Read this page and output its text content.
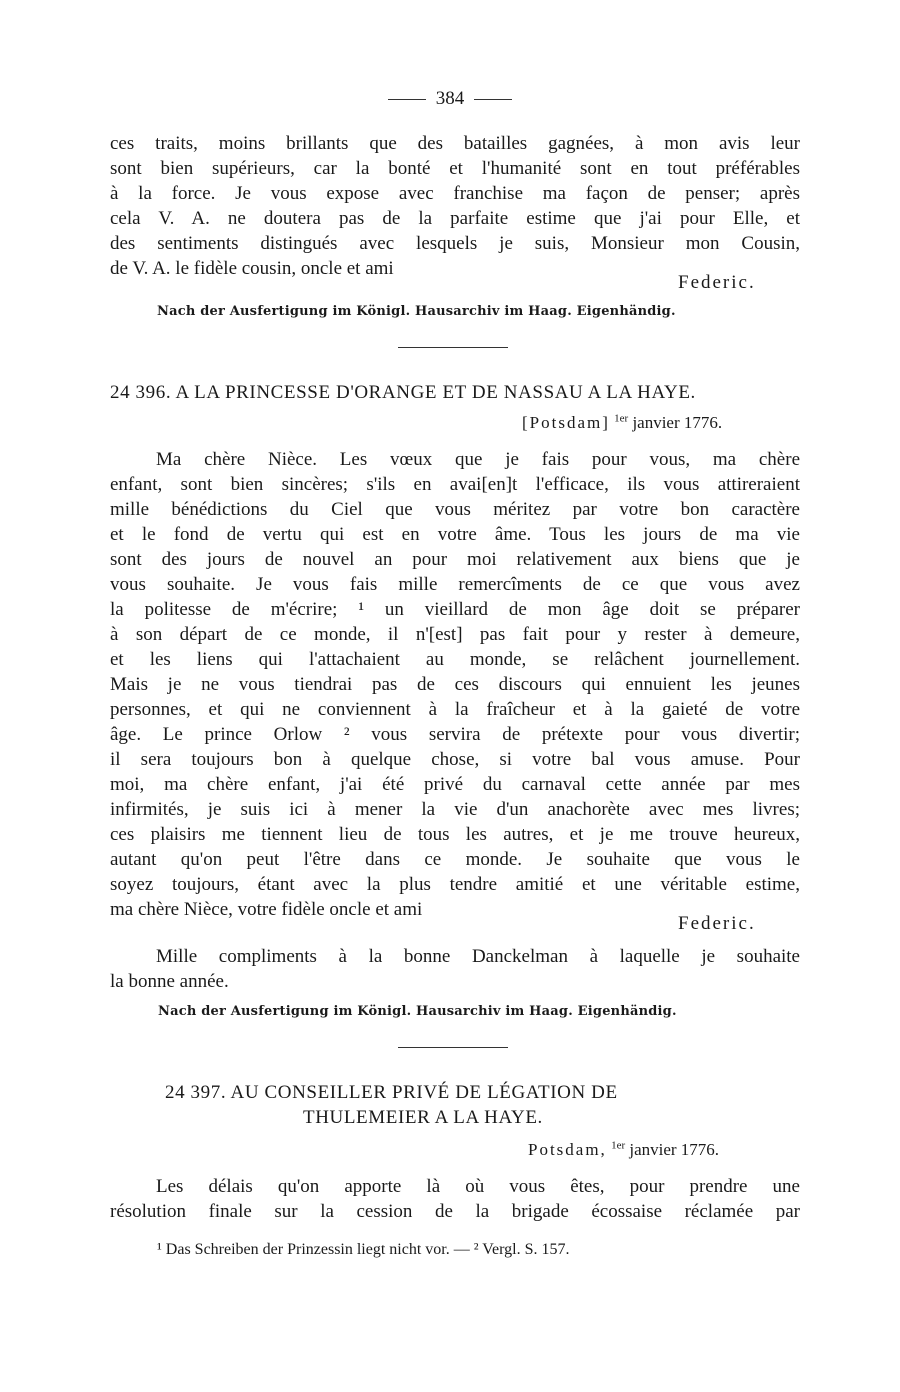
384
ces traits, moins brillants que des batailles gagnées, à mon avis leur
sont bien supérieurs, car la bonté et l'humanité sont en tout préférables
à la force. Je vous expose avec franchise ma façon de penser; après
cela V. A. ne doutera pas de la parfaite estime que j'ai pour Elle, et
des sentiments distingués avec lesquels je suis, Monsieur mon Cousin,
de V. A. le fidèle cousin, oncle et ami
Federic.
Nach der Ausfertigung im Königl. Hausarchiv im Haag. Eigenhändig.
24 396. A LA PRINCESSE D'ORANGE ET DE NASSAU A LA HAYE.
[Potsdam] $^{1er}$ janvier 1776.
Ma chère Nièce. Les vœux que je fais pour vous, ma chère
enfant, sont bien sincères; s'ils en avai[en]t l'efficace, ils vous attireraient
mille bénédictions du Ciel que vous méritez par votre bon caractère
et le fond de vertu qui est en votre âme. Tous les jours de ma vie
sont des jours de nouvel an pour moi relativement aux biens que je
vous souhaite. Je vous fais mille remercîments de ce que vous avez
la politesse de m'écrire; ¹ un vieillard de mon âge doit se préparer
à son départ de ce monde, il n'[est] pas fait pour y rester à demeure,
et les liens qui l'attachaient au monde, se relâchent journellement.
Mais je ne vous tiendrai pas de ces discours qui ennuient les jeunes
personnes, et qui ne conviennent à la fraîcheur et à la gaieté de votre
âge. Le prince Orlow ² vous servira de prétexte pour vous divertir;
il sera toujours bon à quelque chose, si votre bal vous amuse. Pour
moi, ma chère enfant, j'ai été privé du carnaval cette année par mes
infirmités, je suis ici à mener la vie d'un anachorète avec mes livres;
ces plaisirs me tiennent lieu de tous les autres, et je me trouve heureux,
autant qu'on peut l'être dans ce monde. Je souhaite que vous le
soyez toujours, étant avec la plus tendre amitié et une véritable estime,
ma chère Nièce, votre fidèle oncle et ami
Federic.
Mille compliments à la bonne Danckelman à laquelle je souhaite
la bonne année.
Nach der Ausfertigung im Königl. Hausarchiv im Haag. Eigenhändig.
24 397. AU CONSEILLER PRIVÉ DE LÉGATION DE
THULEMEIER A LA HAYE.
Potsdam, $^{1er}$ janvier 1776.
Les délais qu'on apporte là où vous êtes, pour prendre une
résolution finale sur la cession de la brigade écossaise réclamée par
¹ Das Schreiben der Prinzessin liegt nicht vor. — ² Vergl. S. 157.
